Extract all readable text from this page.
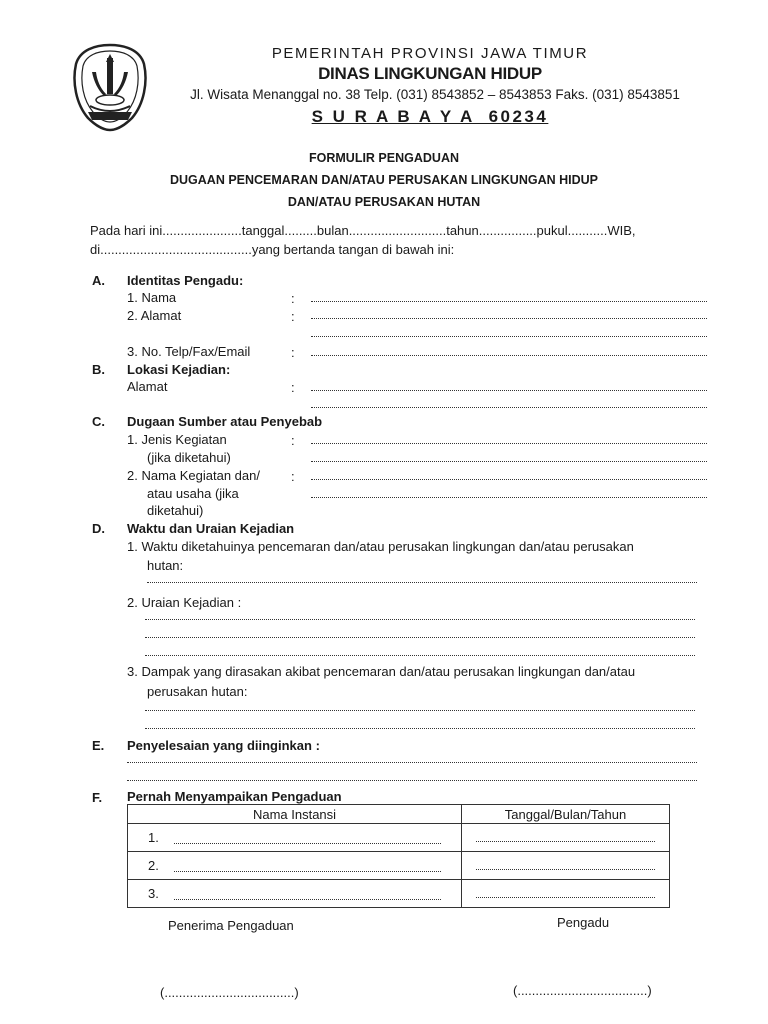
PEMERINTAH PROVINSI JAWA TIMUR
DINAS LINGKUNGAN HIDUP
Jl. Wisata Menanggal no. 38 Telp. (031) 8543852 – 8543853 Faks. (031) 8543851
S U R A B A Y A  60234
FORMULIR PENGADUAN
DUGAAN PENCEMARAN DAN/ATAU PERUSAKAN LINGKUNGAN HIDUP
DAN/ATAU PERUSAKAN HUTAN
Pada hari ini......................tanggal.........bulan...........................tahun................pukul...........WIB,
di..........................................yang bertanda tangan di bawah ini:
A. Identitas Pengadu:
1. Nama	:
2. Alamat	:
3. No. Telp/Fax/Email	:
B. Lokasi Kejadian:
Alamat	:
C. Dugaan Sumber atau Penyebab
1. Jenis Kegiatan	:
(jika diketahui)
2. Nama Kegiatan dan/ :
atau usaha (jika
diketahui)
D. Waktu dan Uraian Kejadian
1. Waktu diketahuinya pencemaran dan/atau perusakan lingkungan dan/atau perusakan
hutan:
2. Uraian Kejadian :
3. Dampak yang dirasakan akibat pencemaran dan/atau perusakan lingkungan dan/atau
perusakan hutan:
E. Penyelesaian yang diinginkan :
F. Pernah Menyampaikan Pengaduan
Nama Instansi	Tanggal/Bulan/Tahun

1.	

2.	

3.	

Penerima Pengaduan	Pengadu
(....................................)	(....................................)
